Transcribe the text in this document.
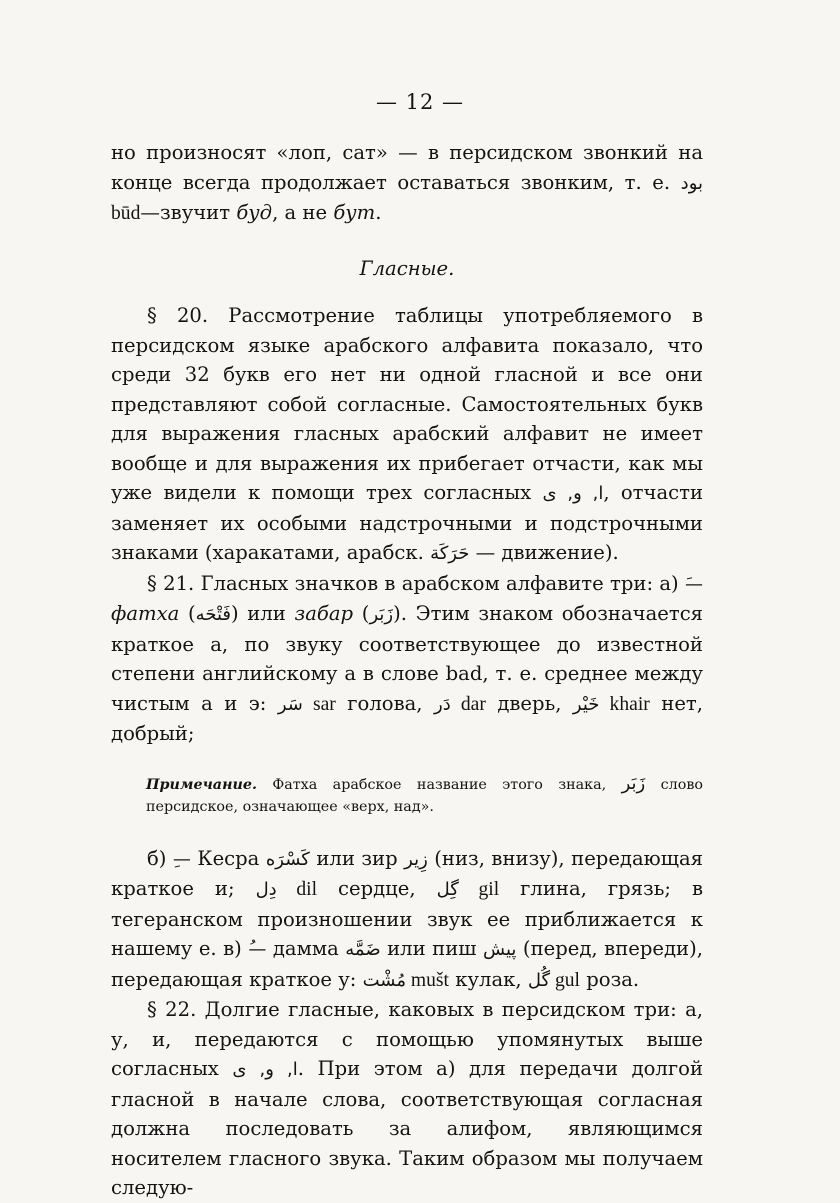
— 12 —

но произносят «лоп, сат» — в персидском звонкий на конце всегда продолжает оставаться звонким, т. е. بود būd—звучит буд, а не бут.

Гласные.

§ 20. Рассмотрение таблицы употребляемого в персидском языке арабского алфавита показало, что среди 32 букв его нет ни одной гласной и все они представляют собой согласные. Самостоятельных букв для выражения гласных арабский алфавит не имеет вообще и для выражения их прибегает отчасти, как мы уже видели к помощи трех согласных ا, و, ی, отчасти заменяет их особыми надстрочными и подстрочными знаками (харакатами, арабск. حَرَكَة — движение).

§ 21. Гласных значков в арабском алфавите три: а) —َ фатха (فَتْحَه) или забар (زَبَر). Этим знаком обозначается краткое а, по звуку соответствующее до известной степени английскому a в слове bad, т. е. среднее между чистым а и э: سَر sar голова, دَر dar дверь, خَيْر khair нет, добрый;

Примечание. Фатха арабское название этого знака, زَبَر слово персидское, означающее «верх, над».

б) —ِ Кесра كَسْرَه или зир زِير (низ, внизу), передающая краткое и; دِل dil сердце, گِل gil глина, грязь; в тегеранском произношении звук ее приближается к нашему е. в) —ُ дамма ضَمَّه или пиш پيش (перед, впереди), передающая краткое у: مُشْت mušt кулак, گُل gul роза.

§ 22. Долгие гласные, каковых в персидском три: а, у, и, передаются с помощью упомянутых выше согласных ا, و, ی. При этом а) для передачи долгой гласной в начале слова, соответствующая согласная должна последовать за алифом, являющимся носителем гласного звука. Таким образом мы получаем следую-
